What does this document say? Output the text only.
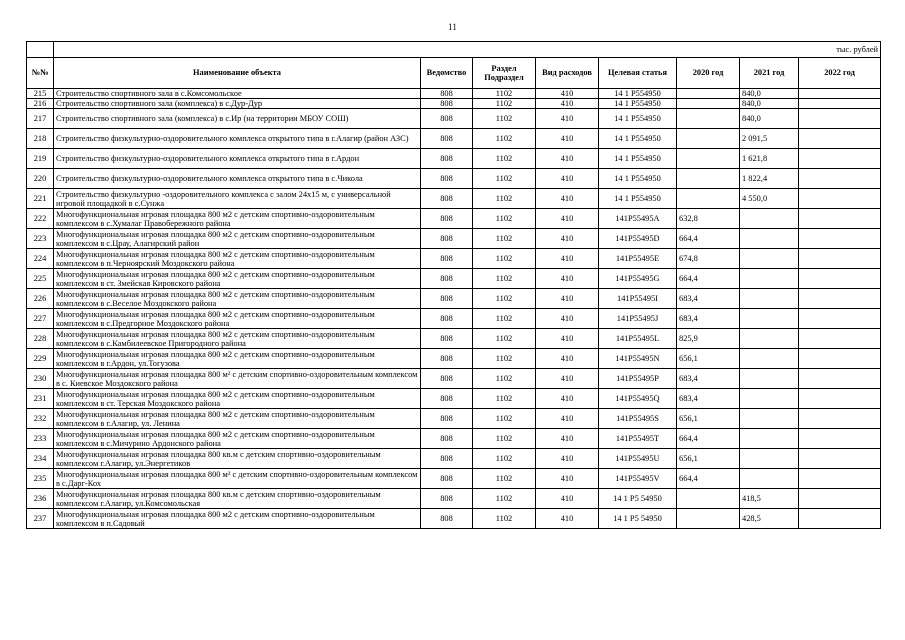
11
	тыс. рублей							
№№	Наименование объекта	Ведомство	Раздел Подраздел	Вид расходов	Целевая статья	2020 год	2021 год	2022 год
215	Строительство спортивного зала в с.Комсомольское	808	1102	410	14 1 P554950		840,0	
216	Строительство спортивного зала (комплекса) в с.Дур-Дур	808	1102	410	14 1 P554950		840,0	
217	Строительство спортивного зала (комплекса) в с.Ир (на территории МБОУ СОШ)	808	1102	410	14 1 P554950		840,0	
218	Строительство физкультурно-оздоровительного комплекса открытого типа в г.Алагир (район АЗС)	808	1102	410	14 1 P554950		2 091,5	
219	Строительство физкультурно-оздоровительного комплекса открытого типа в г.Ардон	808	1102	410	14 1 P554950		1 621,8	
220	Строительство физкультурно-оздоровительного комплекса открытого типа в с.Чикола	808	1102	410	14 1 P554950		1 822,4	
221	Строительство физкультурно -оздоровительного комплекса с залом 24х15 м, с универсальной игровой площадкой в с.Сунжа	808	1102	410	14 1 P554950		4 550,0	
222	Многофункциональная игровая площадка 800 м2 с детским спортивно-оздоровительным комплексом в с.Хумалаг Правобережного района	808	1102	410	141P55495A	632,8		
223	Многофункциональная игровая площадка 800 м2 с детским спортивно-оздоровительным комплексом в с.Црау, Алагирский район	808	1102	410	141P55495D	664,4		
224	Многофункциональная игровая площадка 800 м2 с детским спортивно-оздоровительным комплексом в п.Черноярский Моздокского района	808	1102	410	141P55495E	674,8		
225	Многофункциональная игровая площадка 800 м2 с детским спортивно-оздоровительным комплексом в ст. Змейская Кировского района	808	1102	410	141P55495G	664,4		
226	Многофункциональная игровая площадка 800 м2 с детским спортивно-оздоровительным комплексом в с.Веселое Моздокского района	808	1102	410	141P55495I	683,4		
227	Многофункциональная игровая площадка 800 м2 с детским спортивно-оздоровительным комплексом в с.Предгорное Моздокского района	808	1102	410	141P55495J	683,4		
228	Многофункциональная игровая площадка 800 м2 с детским спортивно-оздоровительным комплексом в с.Камбилеевское Пригородного района	808	1102	410	141P55495L	825,9		
229	Многофункциональная игровая площадка 800 м2 с детским спортивно-оздоровительным комплексом в г.Ардон, ул.Тогузова	808	1102	410	141P55495N	656,1		
230	Многофункциональная игровая площадка 800 м² с детским спортивно-оздоровительным комплексом в с. Киевское Моздокского района	808	1102	410	141P55495P	683,4		
231	Многофункциональная игровая площадка 800 м2 с детским спортивно-оздоровительным комплексом в ст. Терская Моздокского района	808	1102	410	141P55495Q	683,4		
232	Многофункциональная игровая площадка 800 м2 с детским спортивно-оздоровительным комплексом в г.Алагир, ул. Ленина	808	1102	410	141P55495S	656,1		
233	Многофункциональная игровая площадка 800 м2 с детским спортивно-оздоровительным комплексом в с.Мичурино Ардонского района	808	1102	410	141P55495T	664,4		
234	Многофункциональная игровая площадка 800 кв.м с детским спортивно-оздоровительным комплексом г.Алагир, ул.Энергетиков	808	1102	410	141P55495U	656,1		
235	Многофункциональная игровая площадка 800 м² с детским спортивно-оздоровительным комплексом в с.Дарг-Кох	808	1102	410	141P55495V	664,4		
236	Многофункциональная игровая площадка 800 кв.м с детским спортивно-оздоровительным комплексом г.Алагир, ул.Комсомольская	808	1102	410	14 1 P5 54950		418,5	
237	Многофункциональная игровая площадка 800 м2 с детским спортивно-оздоровительным комплексом в п.Садовый	808	1102	410	14 1 P5 54950		428,5	
